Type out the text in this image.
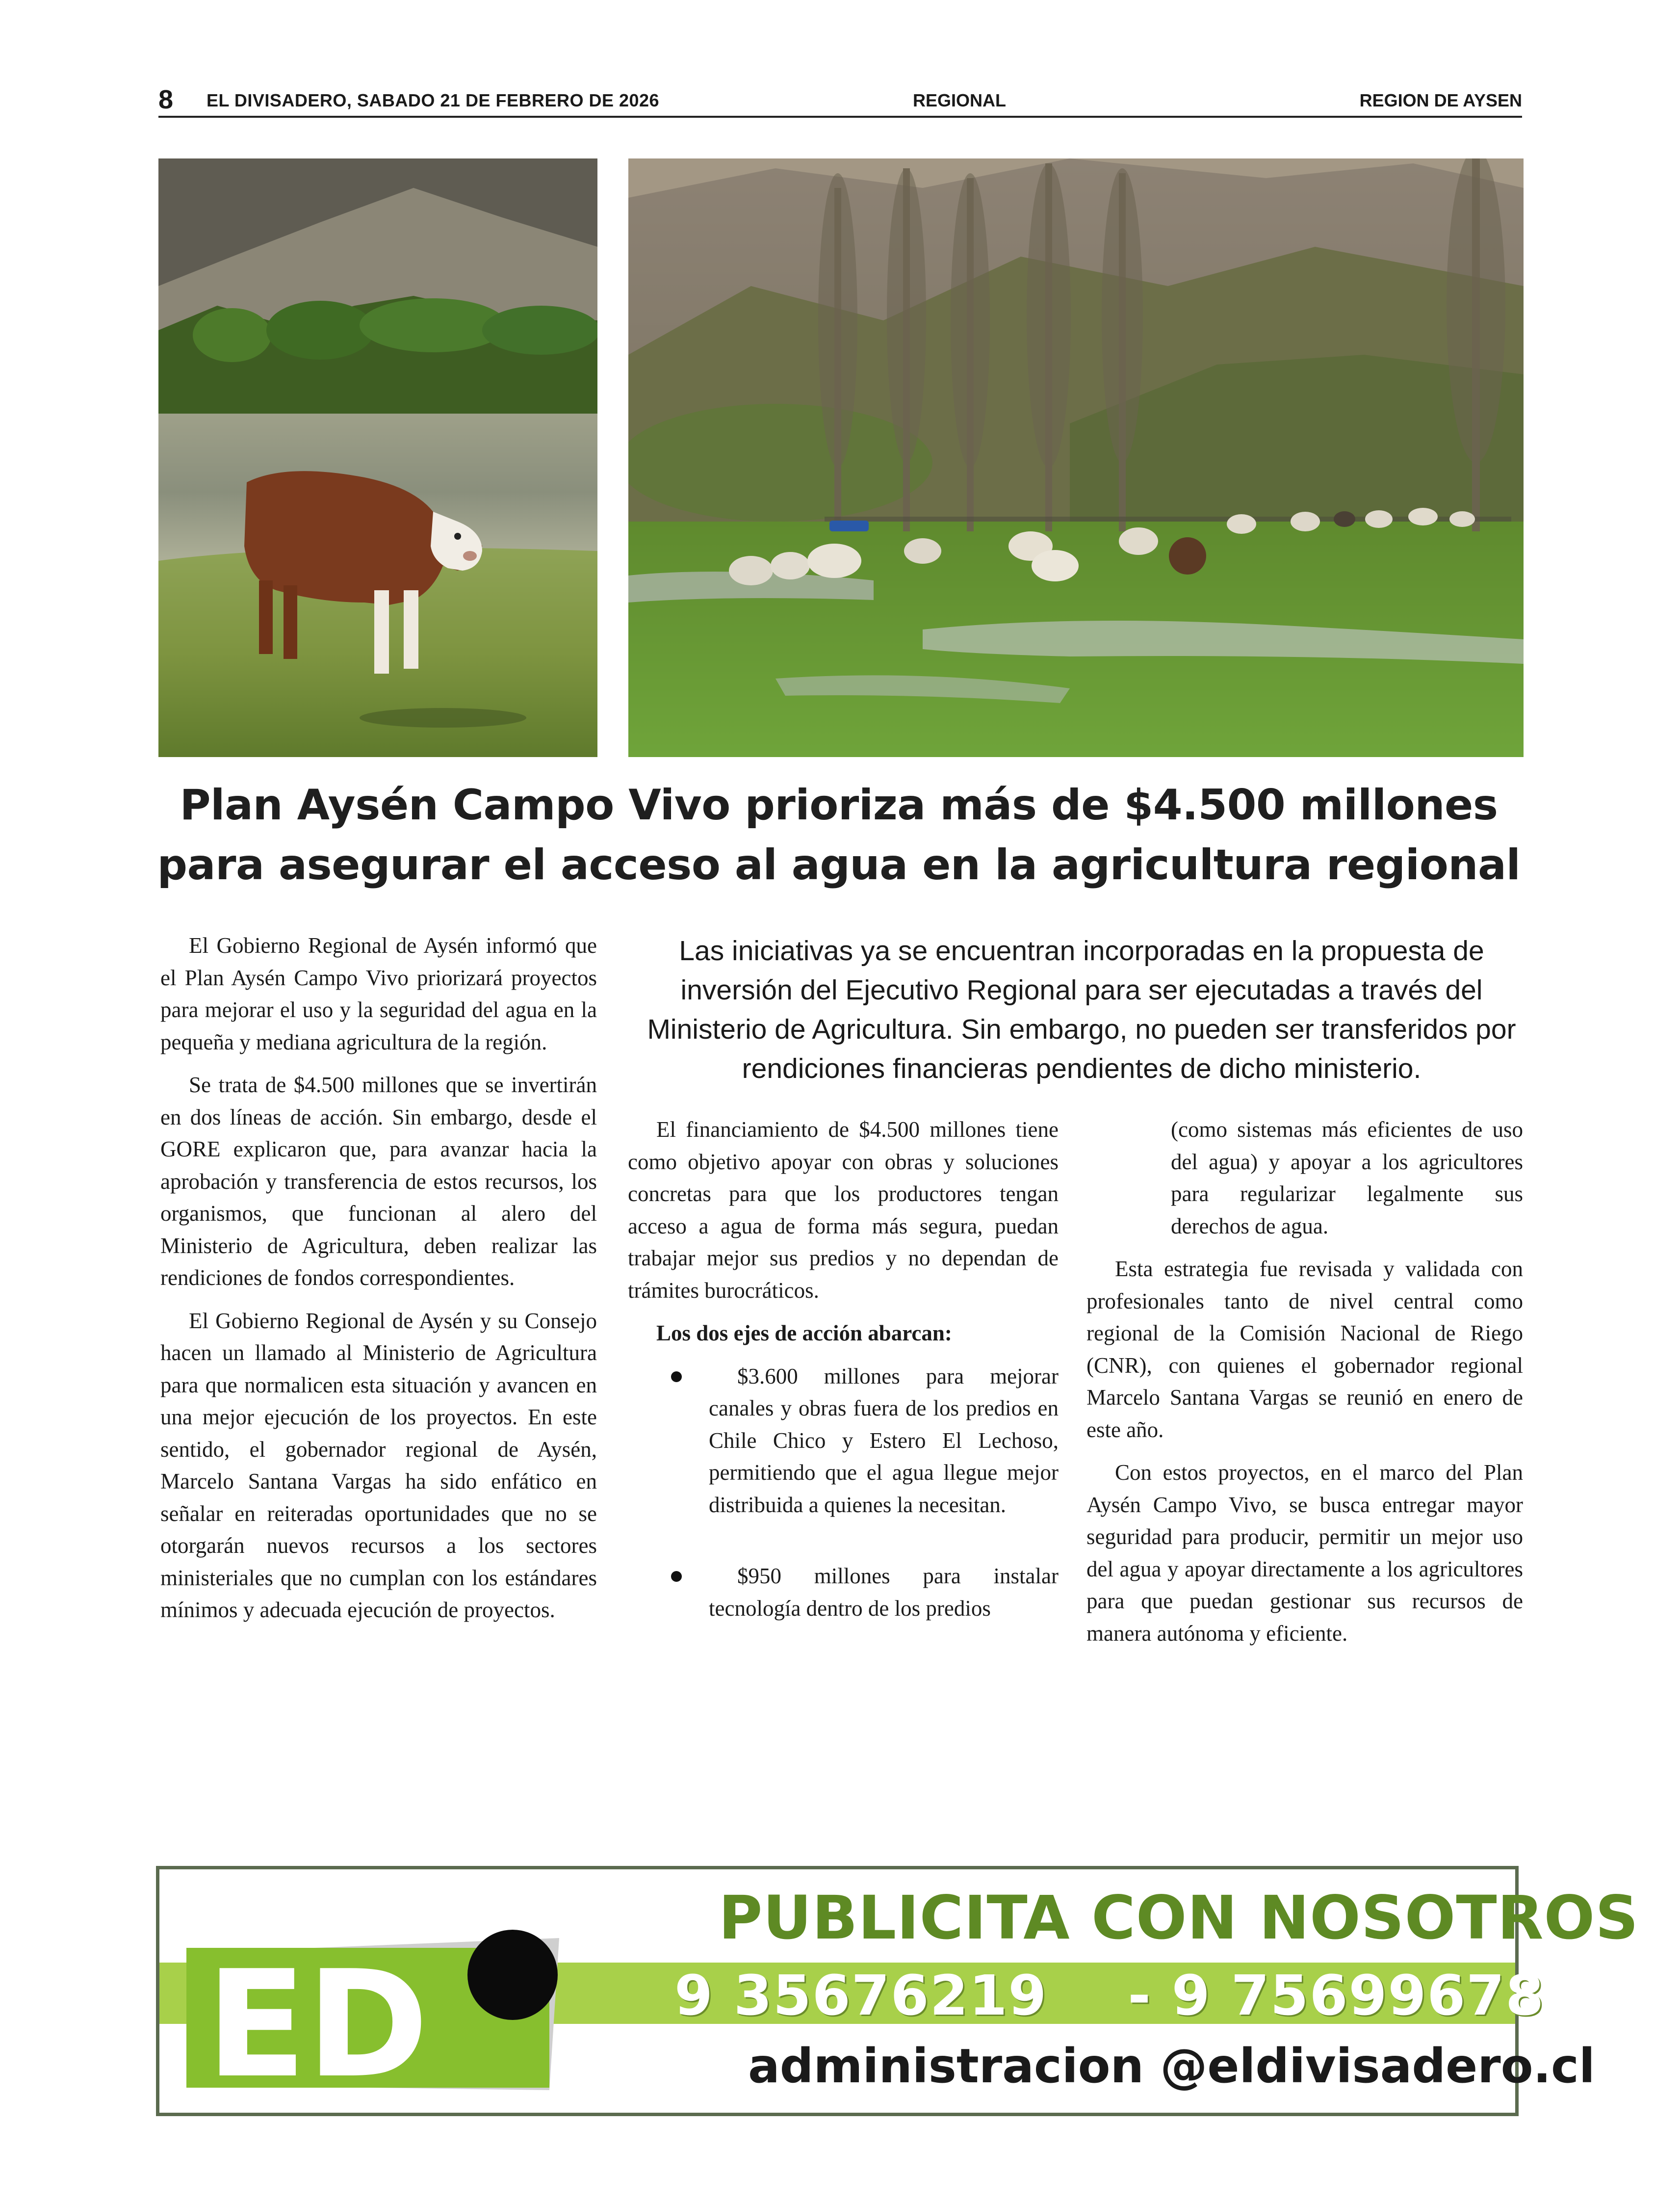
8 EL DIVISADERO, SABADO 21 DE FEBRERO DE 2026	REGIONAL	REGION DE AYSEN
Plan Aysén Campo Vivo prioriza más de $4.500 millones
para asegurar el acceso al agua en la agricultura regional
Las iniciativas ya se encuentran incorporadas en la propuesta de
inversión del Ejecutivo Regional para ser ejecutadas a través del
Ministerio de Agricultura. Sin embargo, no pueden ser transferidos por
rendiciones financieras pendientes de dicho ministerio.

El Gobierno Regional de Aysén informó que el Plan Aysén Campo Vivo priorizará proyectos para mejorar el uso y la seguridad del agua en la pequeña y mediana agricultura de la región.

Se trata de $4.500 millones que se invertirán en dos líneas de acción. Sin embargo, desde el GORE explicaron que, para avanzar hacia la aprobación y transferencia de estos recursos, los organismos, que funcionan al alero del Ministerio de Agricultura, deben realizar las rendiciones de fondos correspondientes.

El Gobierno Regional de Aysén y su Consejo hacen un llamado al Ministerio de Agricultura para que normalicen esta situación y avancen en una mejor ejecución de los proyectos. En este sentido, el gobernador regional de Aysén, Marcelo Santana Vargas ha sido enfático en señalar en reiteradas oportunidades que no se otorgarán nuevos recursos a los sectores ministeriales que no cumplan con los estándares mínimos y adecuada ejecución de proyectos.

El financiamiento de $4.500 millones tiene como objetivo apoyar con obras y soluciones concretas para que los productores tengan acceso a agua de forma más segura, puedan trabajar mejor sus predios y no dependan de trámites burocráticos.

Los dos ejes de acción abarcan:

$3.600 millones para mejorar canales y obras fuera de los predios en Chile Chico y Estero El Lechoso, permitiendo que el agua llegue mejor distribuida a quienes la necesitan.

$950 millones para instalar tecnología dentro de los predios

(como sistemas más eficientes de uso del agua) y apoyar a los agricultores para regularizar legalmente sus derechos de agua.

Esta estrategia fue revisada y validada con profesionales tanto de nivel central como regional de la Comisión Nacional de Riego (CNR), con quienes el gobernador regional Marcelo Santana Vargas se reunió en enero de este año.

Con estos proyectos, en el marco del Plan Aysén Campo Vivo, se busca entregar mayor seguridad para producir, permitir un mejor uso del agua y apoyar directamente a los agricultores para que puedan gestionar sus recursos de manera autónoma y eficiente.

ED
PUBLICITA CON NOSOTROS
9 35676219    - 9 75699678
administracion @eldivisadero.cl
